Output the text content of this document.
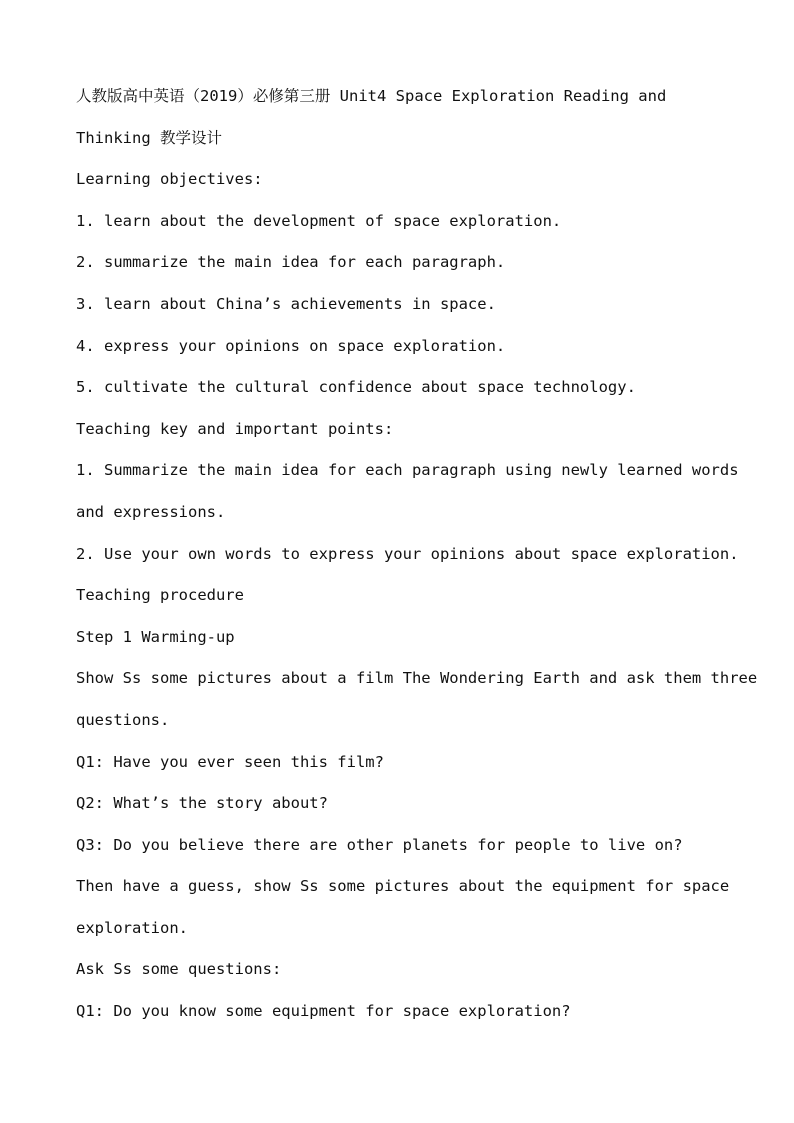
人教版高中英语（2019）必修第三册 Unit4 Space Exploration Reading and
Thinking 教学设计
Learning objectives:
1. learn about the development of space exploration.
2. summarize the main idea for each paragraph.
3. learn about China’s achievements in space.
4. express your opinions on space exploration.
5. cultivate the cultural confidence about space technology.
Teaching key and important points:
1. Summarize the main idea for each paragraph using newly learned words
and expressions.
2. Use your own words to express your opinions about space exploration.
Teaching procedure
Step 1 Warming-up
Show Ss some pictures about a film The Wondering Earth and ask them three
questions.
Q1: Have you ever seen this film?
Q2: What’s the story about?
Q3: Do you believe there are other planets for people to live on?
Then have a guess, show Ss some pictures about the equipment for space
exploration.
Ask Ss some questions:
Q1: Do you know some equipment for space exploration?
